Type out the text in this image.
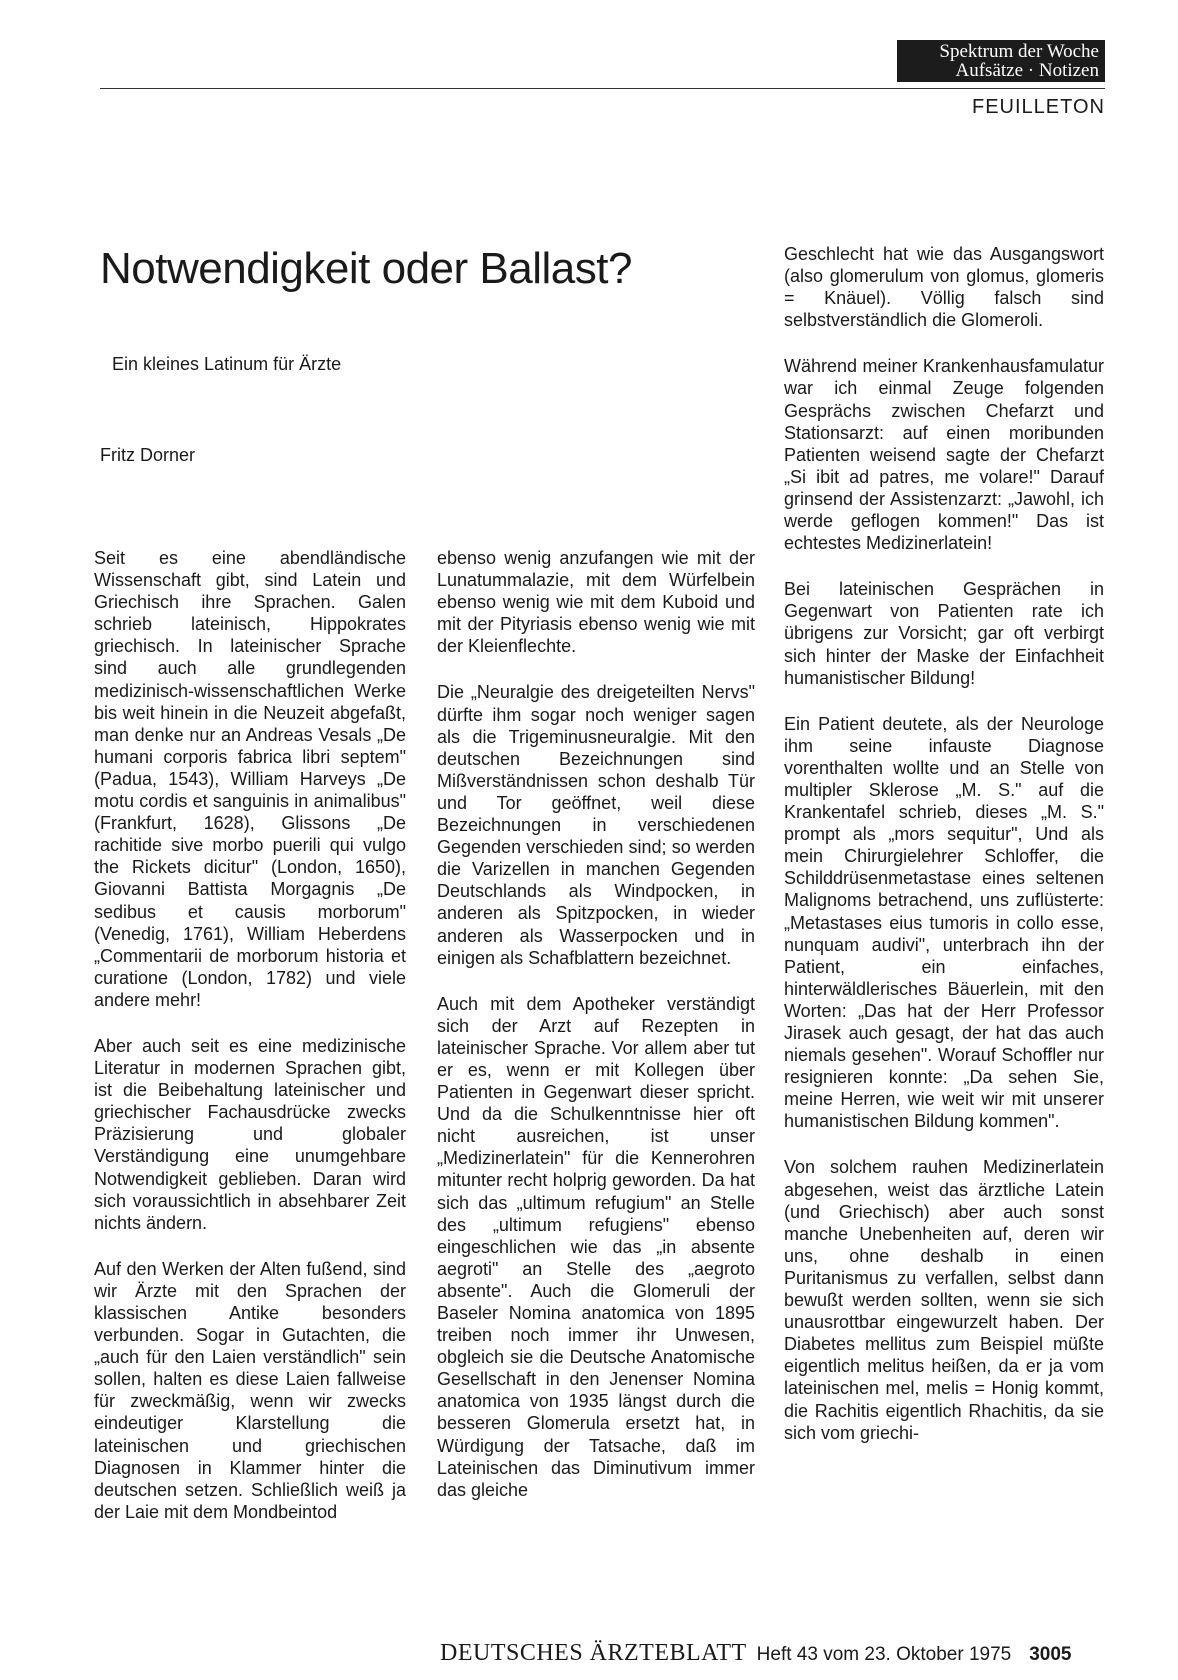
Spektrum der Woche
Aufsätze · Notizen
FEUILLETON
Notwendigkeit oder Ballast?
Ein kleines Latinum für Ärzte
Fritz Dorner

Seit es eine abendländische Wissenschaft gibt, sind Latein und Griechisch ihre Sprachen. Galen schrieb lateinisch, Hippokrates griechisch. In lateinischer Sprache sind auch alle grundlegenden medizinisch-wissenschaftlichen Werke bis weit hinein in die Neuzeit abgefaßt, man denke nur an Andreas Vesals „De humani corporis fabrica libri septem" (Padua, 1543), William Harveys „De motu cordis et sanguinis in animalibus" (Frankfurt, 1628), Glissons „De rachitide sive morbo puerili qui vulgo the Rickets dicitur" (London, 1650), Giovanni Battista Morgagnis „De sedibus et causis morborum" (Venedig, 1761), William Heberdens „Commentarii de morborum historia et curatione (London, 1782) und viele andere mehr!

Aber auch seit es eine medizinische Literatur in modernen Sprachen gibt, ist die Beibehaltung lateinischer und griechischer Fachausdrücke zwecks Präzisierung und globaler Verständigung eine unumgehbare Notwendigkeit geblieben. Daran wird sich voraussichtlich in absehbarer Zeit nichts ändern.

Auf den Werken der Alten fußend, sind wir Ärzte mit den Sprachen der klassischen Antike besonders verbunden. Sogar in Gutachten, die „auch für den Laien verständlich" sein sollen, halten es diese Laien fallweise für zweckmäßig, wenn wir zwecks eindeutiger Klarstellung die lateinischen und griechischen Diagnosen in Klammer hinter die deutschen setzen. Schließlich weiß ja der Laie mit dem Mondbeintod

ebenso wenig anzufangen wie mit der Lunatummalazie, mit dem Würfelbein ebenso wenig wie mit dem Kuboid und mit der Pityriasis ebenso wenig wie mit der Kleienflechte.

Die „Neuralgie des dreigeteilten Nervs" dürfte ihm sogar noch weniger sagen als die Trigeminusneuralgie. Mit den deutschen Bezeichnungen sind Mißverständnissen schon deshalb Tür und Tor geöffnet, weil diese Bezeichnungen in verschiedenen Gegenden verschieden sind; so werden die Varizellen in manchen Gegenden Deutschlands als Windpocken, in anderen als Spitzpocken, in wieder anderen als Wasserpocken und in einigen als Schafblattern bezeichnet.

Auch mit dem Apotheker verständigt sich der Arzt auf Rezepten in lateinischer Sprache. Vor allem aber tut er es, wenn er mit Kollegen über Patienten in Gegenwart dieser spricht. Und da die Schulkenntnisse hier oft nicht ausreichen, ist unser „Medizinerlatein" für die Kennerohren mitunter recht holprig geworden. Da hat sich das „ultimum refugium" an Stelle des „ultimum refugiens" ebenso eingeschlichen wie das „in absente aegroti" an Stelle des „aegroto absente". Auch die Glomeruli der Baseler Nomina anatomica von 1895 treiben noch immer ihr Unwesen, obgleich sie die Deutsche Anatomische Gesellschaft in den Jenenser Nomina anatomica von 1935 längst durch die besseren Glomerula ersetzt hat, in Würdigung der Tatsache, daß im Lateinischen das Diminutivum immer das gleiche

Geschlecht hat wie das Ausgangswort (also glomerulum von glomus, glomeris = Knäuel). Völlig falsch sind selbstverständlich die Glomeroli.

Während meiner Krankenhausfamulatur war ich einmal Zeuge folgenden Gesprächs zwischen Chefarzt und Stationsarzt: auf einen moribunden Patienten weisend sagte der Chefarzt „Si ibit ad patres, me volare!" Darauf grinsend der Assistenzarzt: „Jawohl, ich werde geflogen kommen!" Das ist echtestes Medizinerlatein!

Bei lateinischen Gesprächen in Gegenwart von Patienten rate ich übrigens zur Vorsicht; gar oft verbirgt sich hinter der Maske der Einfachheit humanistischer Bildung!

Ein Patient deutete, als der Neurologe ihm seine infauste Diagnose vorenthalten wollte und an Stelle von multipler Sklerose „M. S." auf die Krankentafel schrieb, dieses „M. S." prompt als „mors sequitur", Und als mein Chirurgielehrer Schloffer, die Schilddrüsenmetastase eines seltenen Malignoms betrachend, uns zuflüsterte: „Metastases eius tumoris in collo esse, nunquam audivi", unterbrach ihn der Patient, ein einfaches, hinterwäldlerisches Bäuerlein, mit den Worten: „Das hat der Herr Professor Jirasek auch gesagt, der hat das auch niemals gesehen". Worauf Schoffler nur resignieren konnte: „Da sehen Sie, meine Herren, wie weit wir mit unserer humanistischen Bildung kommen".

Von solchem rauhen Medizinerlatein abgesehen, weist das ärztliche Latein (und Griechisch) aber auch sonst manche Unebenheiten auf, deren wir uns, ohne deshalb in einen Puritanismus zu verfallen, selbst dann bewußt werden sollten, wenn sie sich unausrottbar eingewurzelt haben. Der Diabetes mellitus zum Beispiel müßte eigentlich melitus heißen, da er ja vom lateinischen mel, melis = Honig kommt, die Rachitis eigentlich Rhachitis, da sie sich vom griechi-

DEUTSCHES ÄRZTEBLATT Heft 43 vom 23. Oktober 1975 3005
